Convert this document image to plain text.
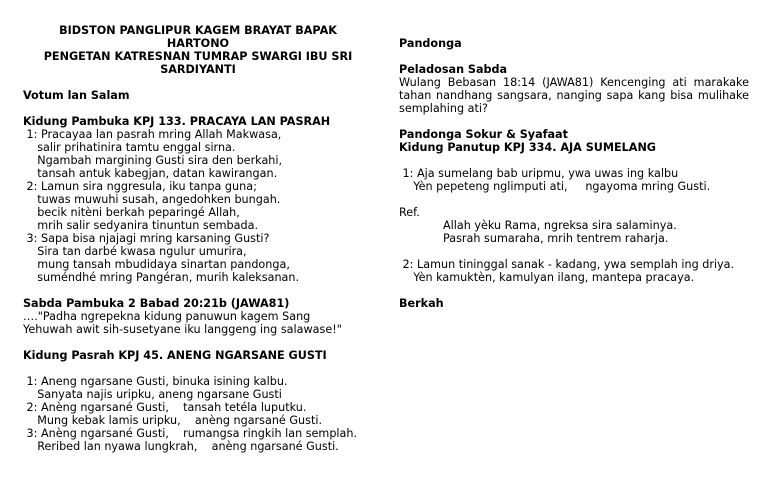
BIDSTON PANGLIPUR KAGEM BRAYAT BAPAK
HARTONO
PENGETAN KATRESNAN TUMRAP SWARGI IBU SRI
SARDIYANTI
Votum lan Salam
Kidung Pambuka KPJ 133. PRACAYA LAN PASRAH
1: Pracayaa lan pasrah mring Allah Makwasa,
salir prihatinira tamtu enggal sirna.
Ngambah margining Gusti sira den berkahi,
tansah antuk kabegjan, datan kawirangan.
2: Lamun sira nggresula, iku tanpa guna;
tuwas muwuhi susah, angedohken bungah.
becik nitèni berkah peparingé Allah,
mrih salir sedyanira tinuntun sembada.
3: Sapa bisa njajagi mring karsaning Gusti?
Sira tan darbé kwasa ngulur umurira,
mung tansah mbudidaya sinartan pandonga,
suméndhé mring Pangéran, murih kaleksanan.
Sabda Pambuka 2 Babad 20:21b (JAWA81)
…."Padha ngrepekna kidung panuwun kagem Sang
Yehuwah awit sih-susetyane iku langgeng ing salawase!"
Kidung Pasrah KPJ 45. ANENG NGARSANE GUSTI
1: Aneng ngarsane Gusti, binuka isining kalbu.
Sanyata najis uripku, aneng ngarsane Gusti
2: Anèng ngarsané Gusti,    tansah tetéla luputku.
Mung kebak lamis uripku,    anèng ngarsané Gusti.
3: Anèng ngarsané Gusti,    rumangsa ringkih lan semplah.
Reribed lan nyawa lungkrah,    anèng ngarsané Gusti.
Pandonga
Peladosan Sabda
Wulang Bebasan 18:14 (JAWA81) Kencenging ati marakake tahan nandhang sangsara, nanging sapa kang bisa mulihake semplahing ati?
Pandonga Sokur & Syafaat
Kidung Panutup KPJ 334. AJA SUMELANG
1: Aja sumelang bab uripmu, ywa uwas ing kalbu
Yèn pepeteng nglimputi ati,     ngayoma mring Gusti.
Ref.
Allah yèku Rama, ngreksa sira salaminya.
Pasrah sumaraha, mrih tentrem raharja.
2: Lamun tininggal sanak - kadang, ywa semplah ing driya.
Yèn kamuktèn, kamulyan ilang, mantepa pracaya.
Berkah
